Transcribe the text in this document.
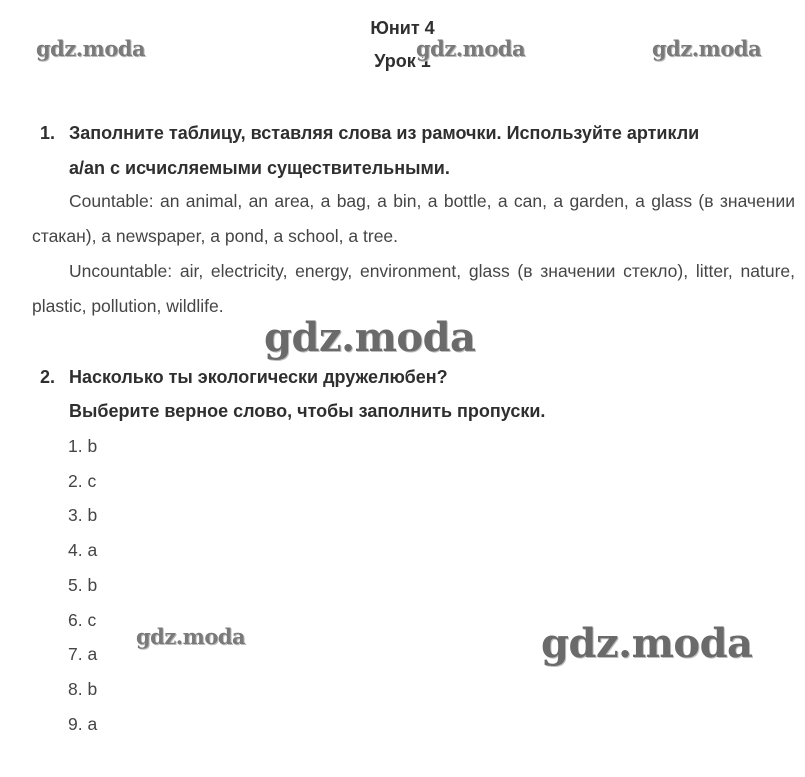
Юнит 4
Урок 1
1. Заполните таблицу, вставляя слова из рамочки. Используйте артикли
a/an с исчисляемыми существительными.
Countable: an animal, an area, a bag, a bin, a bottle, a can, a garden, a glass (в значении стакан), a newspaper, a pond, a school, a tree.
Uncountable: air, electricity, energy, environment, glass (в значении стекло), litter, nature, plastic, pollution, wildlife.
2. Насколько ты экологически дружелюбен?
Выберите верное слово, чтобы заполнить пропуски.
1. b
2. c
3. b
4. a
5. b
6. c
7. a
8. b
9. a
gdz.moda	gdz.moda	gdz.moda
gdz.moda
gdz.moda	gdz.moda
